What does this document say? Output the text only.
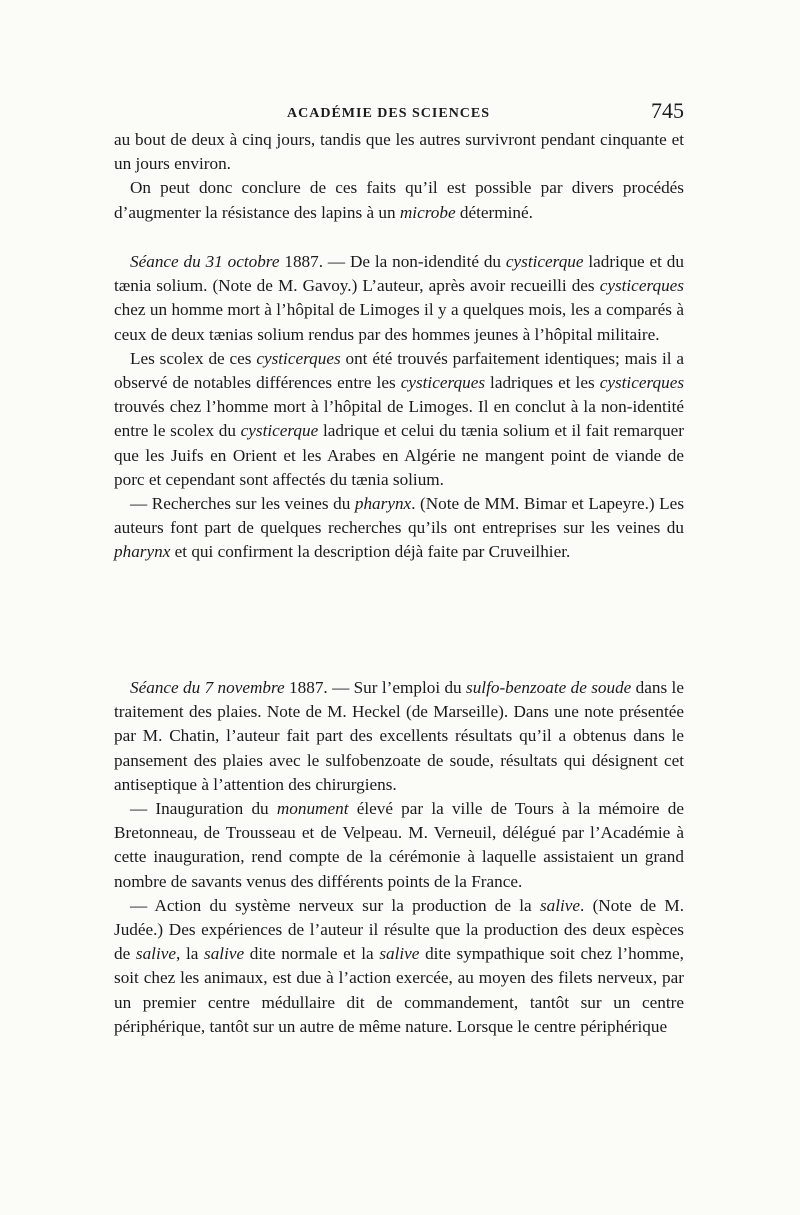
ACADÉMIE DES SCIENCES	745

au bout de deux à cinq jours, tandis que les autres survivront pendant cinquante et un jours environ.

On peut donc conclure de ces faits qu’il est possible par divers procédés d’augmenter la résistance des lapins à un microbe déterminé.

Séance du 31 octobre 1887. — De la non-idendité du cysticerque ladrique et du tænia solium. (Note de M. Gavoy.) L’auteur, après avoir recueilli des cysticerques chez un homme mort à l’hôpital de Limoges il y a quelques mois, les a comparés à ceux de deux tænias solium rendus par des hommes jeunes à l’hôpital militaire.

Les scolex de ces cysticerques ont été trouvés parfaitement identiques; mais il a observé de notables différences entre les cysticerques ladriques et les cysticerques trouvés chez l’homme mort à l’hôpital de Limoges. Il en conclut à la non-identité entre le scolex du cysticerque ladrique et celui du tænia solium et il fait remarquer que les Juifs en Orient et les Arabes en Algérie ne mangent point de viande de porc et cependant sont affectés du tænia solium.

— Recherches sur les veines du pharynx. (Note de MM. Bimar et Lapeyre.) Les auteurs font part de quelques recherches qu’ils ont entreprises sur les veines du pharynx et qui confirment la description déjà faite par Cruveilhier.

Séance du 7 novembre 1887. — Sur l’emploi du sulfo-benzoate de soude dans le traitement des plaies. Note de M. Heckel (de Marseille). Dans une note présentée par M. Chatin, l’auteur fait part des excellents résultats qu’il a obtenus dans le pansement des plaies avec le sulfobenzoate de soude, résultats qui désignent cet antiseptique à l’attention des chirurgiens.

— Inauguration du monument élevé par la ville de Tours à la mémoire de Bretonneau, de Trousseau et de Velpeau. M. Verneuil, délégué par l’Académie à cette inauguration, rend compte de la cérémonie à laquelle assistaient un grand nombre de savants venus des différents points de la France.

— Action du système nerveux sur la production de la salive. (Note de M. Judée.) Des expériences de l’auteur il résulte que la production des deux espèces de salive, la salive dite normale et la salive dite sympathique soit chez l’homme, soit chez les animaux, est due à l’action exercée, au moyen des filets nerveux, par un premier centre médullaire dit de commandement, tantôt sur un centre périphérique, tantôt sur un autre de même nature. Lorsque le centre périphérique
